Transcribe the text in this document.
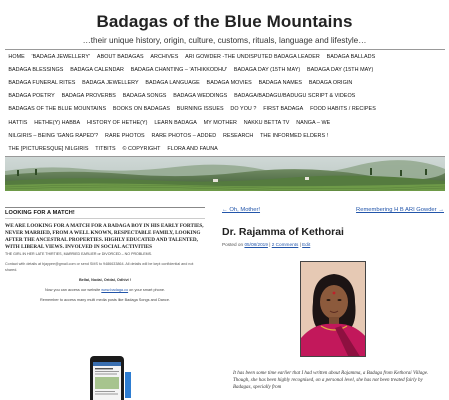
Badagas of the Blue Mountains
…their unique history, origin, culture, customs, rituals, language and lifestyle…
HOME	'BADAGA JEWELLERY'	ABOUT BADAGAS	ARCHIVES	ARI GOWDER -THE UNDISPUTED BADAGA LEADER	BADAGA BALLADS
BADAGA BLESSINGS	BADAGA CALENDAR	BADAGA CHANTING – 'ATHIKKODHU'	BADAGA DAY (15TH MAY)	BADAGA DAY (15TH MAY)
BADAGA FUNERAL RITES	BADAGA JEWELLERY	BADAGA LANGUAGE	BADAGA MOVIES	BADAGA NAMES	BADAGA ORIGIN
BADAGA POETRY	BADAGA PROVERBS	BADAGA SONGS	BADAGA WEDDINGS	BADAGA/BADAGU/BADUGU SCRIPT & VIDEOS
BADAGAS OF THE BLUE MOUNTAINS	BOOKS ON BADAGAS	BURNING ISSUES	DO YOU ?	FIRST BADAGA	FOOD HABITS / RECIPES
HATTIS	HETHE(Y) HABBA	HISTORY OF HETHE(Y)	LEARN BADAGA	MY MOTHER	NAKKU BETTA TV	NANGA – WE
NILGIRIS – BEING 'GANG RAPED'?	RARE PHOTOS	RARE PHOTOS – ADDED	RESEARCH	THE INFORMED ELDERS !
THE [PICTURESQUE] NILGIRIS	TITBITS	© COPYRIGHT	FLORA AND FAUNA
LOOKING FOR A MATCH!
WE ARE LOOKING FOR A MATCH FOR A BADAGA BOY IN HIS EARLY FORTIES, NEVER MARRIED, FROM A WELL KNOWN, RESPECTABLE FAMILY, LOOKING AFTER THE ANCESTRAL PROPERTIES. HIGHLY EDUCATED AND TALENTED, WITH LIBERAL VIEWS. INVOLVED IN SOCIAL ACTIVITIES
THE GIRL IN HER LATE THIRTIES, MARRIED EARLIER or DIVORCED – NO PROBLEMS.
Contact with details at bjaypee@gmail.com or send SMS to 9486633864. All details will be kept confidential and not shared.
Bellai, Nodai, Oridai, Odhivi !
Now you can access our website www.badaga.co on your smart phone.
Remember to access many multi media posts like Badaga Songs and Dance.
← Oh, Mother!	Remembering H B ARI Gowder →
Dr. Rajamma of Kethorai
Posted on 05/08/2019 | 2 Comments | Edit
It has been some time earlier that I had written about Rajamma, a Badaga from Kethorai Village. Though, she has been highly recognised, on a personal level, she has not been treated fairly by Badagas, specially from
